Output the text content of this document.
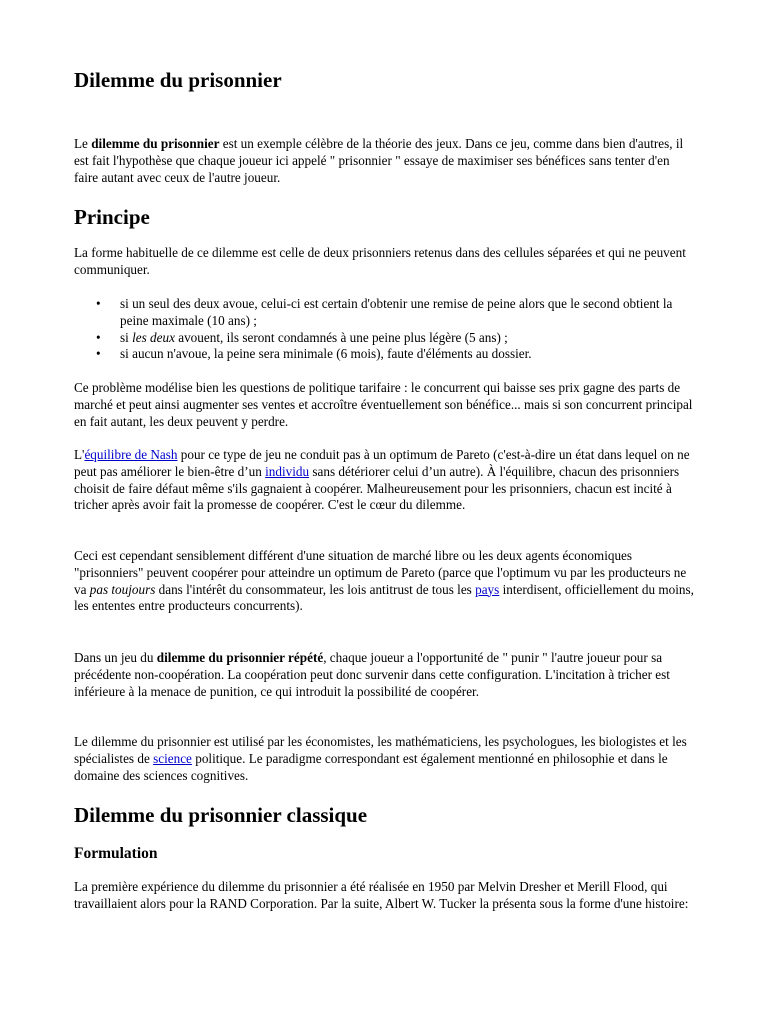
Dilemme du prisonnier

Le dilemme du prisonnier est un exemple célèbre de la théorie des jeux. Dans ce jeu, comme dans bien d'autres, il est fait l'hypothèse que chaque joueur ici appelé " prisonnier " essaye de maximiser ses bénéfices sans tenter d'en faire autant avec ceux de l'autre joueur.

Principe

La forme habituelle de ce dilemme est celle de deux prisonniers retenus dans des cellules séparées et qui ne peuvent communiquer.

• si un seul des deux avoue, celui-ci est certain d'obtenir une remise de peine alors que le second obtient la peine maximale (10 ans) ;
• si les deux avouent, ils seront condamnés à une peine plus légère (5 ans) ;
• si aucun n'avoue, la peine sera minimale (6 mois), faute d'éléments au dossier.

Ce problème modélise bien les questions de politique tarifaire : le concurrent qui baisse ses prix gagne des parts de marché et peut ainsi augmenter ses ventes et accroître éventuellement son bénéfice... mais si son concurrent principal en fait autant, les deux peuvent y perdre.

L'équilibre de Nash pour ce type de jeu ne conduit pas à un optimum de Pareto (c'est-à-dire un état dans lequel on ne peut pas améliorer le bien-être d’un individu sans détériorer celui d’un autre). À l'équilibre, chacun des prisonniers choisit de faire défaut même s'ils gagnaient à coopérer. Malheureusement pour les prisonniers, chacun est incité à tricher après avoir fait la promesse de coopérer. C'est le cœur du dilemme.

Ceci est cependant sensiblement différent d'une situation de marché libre ou les deux agents économiques "prisonniers" peuvent coopérer pour atteindre un optimum de Pareto (parce que l'optimum vu par les producteurs ne va pas toujours dans l'intérêt du consommateur, les lois antitrust de tous les pays interdisent, officiellement du moins, les ententes entre producteurs concurrents).

Dans un jeu du dilemme du prisonnier répété, chaque joueur a l'opportunité de " punir " l'autre joueur pour sa précédente non-coopération. La coopération peut donc survenir dans cette configuration. L'incitation à tricher est inférieure à la menace de punition, ce qui introduit la possibilité de coopérer.

Le dilemme du prisonnier est utilisé par les économistes, les mathématiciens, les psychologues, les biologistes et les spécialistes de science politique. Le paradigme correspondant est également mentionné en philosophie et dans le domaine des sciences cognitives.

Dilemme du prisonnier classique
Formulation

La première expérience du dilemme du prisonnier a été réalisée en 1950 par Melvin Dresher et Merill Flood, qui travaillaient alors pour la RAND Corporation. Par la suite, Albert W. Tucker la présenta sous la forme d'une histoire:
